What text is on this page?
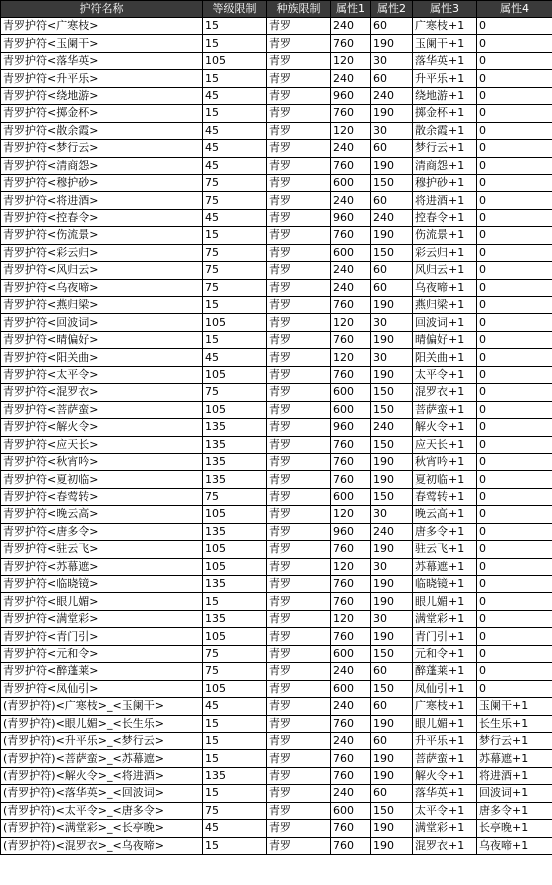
护符名称	等级限制	种族限制	属性1	属性2	属性3	属性4
青罗护符<广寒枝>	15	青罗	240	60	广寒枝+1	0
青罗护符<玉阑干>	15	青罗	760	190	玉阑干+1	0
青罗护符<落华英>	105	青罗	120	30	落华英+1	0
青罗护符<升平乐>	15	青罗	240	60	升平乐+1	0
青罗护符<绕地游>	45	青罗	960	240	绕地游+1	0
青罗护符<掷金杯>	15	青罗	760	190	掷金杯+1	0
青罗护符<散余霞>	45	青罗	120	30	散余霞+1	0
青罗护符<梦行云>	45	青罗	240	60	梦行云+1	0
青罗护符<清商怨>	45	青罗	760	190	清商怨+1	0
青罗护符<穆护砂>	75	青罗	600	150	穆护砂+1	0
青罗护符<将进酒>	75	青罗	240	60	将进酒+1	0
青罗护符<控春令>	45	青罗	960	240	控春令+1	0
青罗护符<伤流景>	15	青罗	760	190	伤流景+1	0
青罗护符<彩云归>	75	青罗	600	150	彩云归+1	0
青罗护符<风归云>	75	青罗	240	60	风归云+1	0
青罗护符<乌夜啼>	75	青罗	240	60	乌夜啼+1	0
青罗护符<燕归梁>	15	青罗	760	190	燕归梁+1	0
青罗护符<回波词>	105	青罗	120	30	回波词+1	0
青罗护符<晴偏好>	15	青罗	760	190	晴偏好+1	0
青罗护符<阳关曲>	45	青罗	120	30	阳关曲+1	0
青罗护符<太平令>	105	青罗	760	190	太平令+1	0
青罗护符<混罗衣>	75	青罗	600	150	混罗衣+1	0
青罗护符<菩萨蛮>	105	青罗	600	150	菩萨蛮+1	0
青罗护符<解火令>	135	青罗	960	240	解火令+1	0
青罗护符<应天长>	135	青罗	760	150	应天长+1	0
青罗护符<秋宵吟>	135	青罗	760	190	秋宵吟+1	0
青罗护符<夏初临>	135	青罗	760	190	夏初临+1	0
青罗护符<春莺转>	75	青罗	600	150	春莺转+1	0
青罗护符<晚云高>	105	青罗	120	30	晚云高+1	0
青罗护符<唐多令>	135	青罗	960	240	唐多令+1	0
青罗护符<驻云飞>	105	青罗	760	190	驻云飞+1	0
青罗护符<苏幕遮>	105	青罗	120	30	苏幕遮+1	0
青罗护符<临晓镜>	135	青罗	760	190	临晓镜+1	0
青罗护符<眼儿媚>	15	青罗	760	190	眼儿媚+1	0
青罗护符<满堂彩>	135	青罗	120	30	满堂彩+1	0
青罗护符<青门引>	105	青罗	760	190	青门引+1	0
青罗护符<元和令>	75	青罗	600	150	元和令+1	0
青罗护符<醉蓬莱>	75	青罗	240	60	醉蓬莱+1	0
青罗护符<凤仙引>	105	青罗	600	150	凤仙引+1	0
(青罗护符)<广寒枝>_<玉阑干>	45	青罗	240	60	广寒枝+1	玉阑干+1
(青罗护符)<眼儿媚>_<长生乐>	15	青罗	760	190	眼儿媚+1	长生乐+1
(青罗护符)<升平乐>_<梦行云>	15	青罗	240	60	升平乐+1	梦行云+1
(青罗护符)<菩萨蛮>_<苏幕遮>	15	青罗	760	190	菩萨蛮+1	苏幕遮+1
(青罗护符)<解火令>_<将进酒>	135	青罗	760	190	解火令+1	将进酒+1
(青罗护符)<落华英>_<回波词>	15	青罗	240	60	落华英+1	回波词+1
(青罗护符)<太平令>_<唐多令>	75	青罗	600	150	太平令+1	唐多令+1
(青罗护符)<满堂彩>_<长亭晚>	45	青罗	760	190	满堂彩+1	长亭晚+1
(青罗护符)<混罗衣>_<乌夜啼>	15	青罗	760	190	混罗衣+1	乌夜啼+1
